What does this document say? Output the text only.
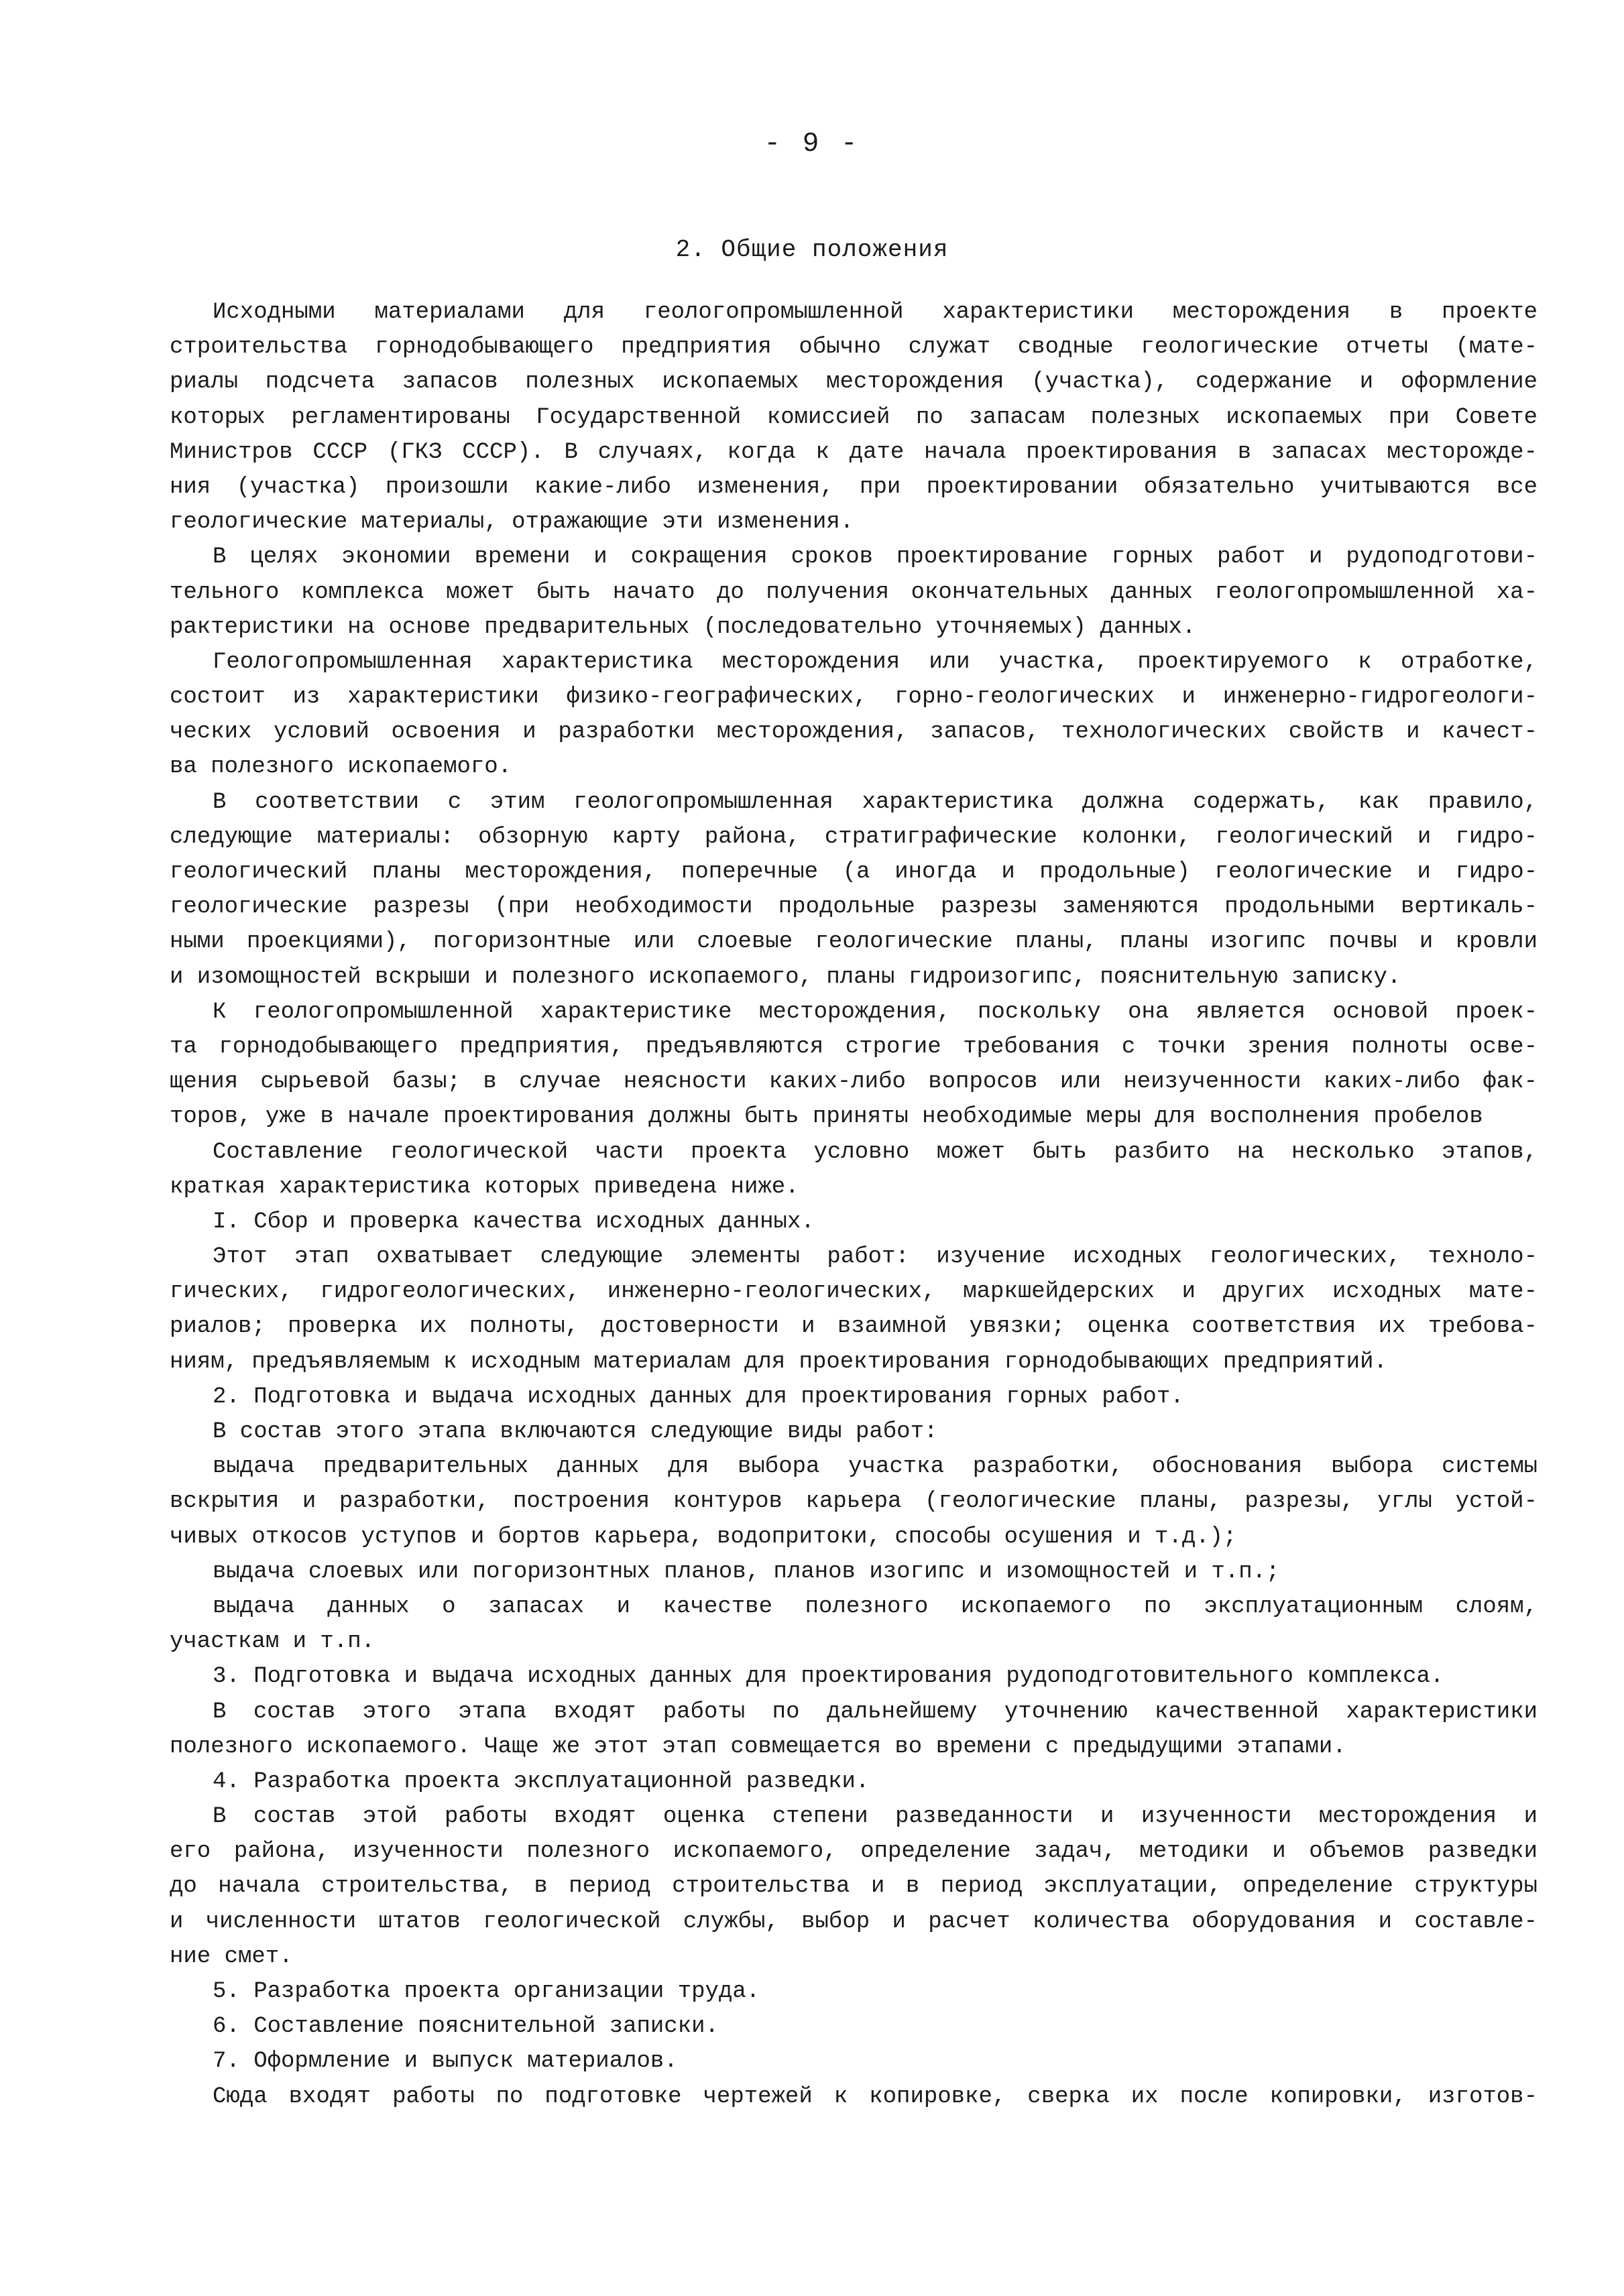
- 9 -
2. Общие положения
Исходными материалами для геологопромышленной характеристики месторождения в проекте
строительства горнодобывающего предприятия обычно служат сводные геологические отчеты (мате-
риалы подсчета запасов полезных ископаемых месторождения (участка), содержание и оформление
которых регламентированы Государственной комиссией по запасам полезных ископаемых при Совете
Министров СССР (ГКЗ СССР). В случаях, когда к дате начала проектирования в запасах месторожде-
ния (участка) произошли какие-либо изменения, при проектировании обязательно учитываются все
геологические материалы, отражающие эти изменения.
В целях экономии времени и сокращения сроков проектирование горных работ и рудоподготови-
тельного комплекса может быть начато до получения окончательных данных геологопромышленной ха-
рактеристики на основе предварительных (последовательно уточняемых) данных.
Геологопромышленная характеристика месторождения или участка, проектируемого к отработке,
состоит из характеристики физико-географических, горно-геологических и инженерно-гидрогеологи-
ческих условий освоения и разработки месторождения, запасов, технологических свойств и качест-
ва полезного ископаемого.
В соответствии с этим геологопромышленная характеристика должна содержать, как правило,
следующие материалы: обзорную карту района, стратиграфические колонки, геологический и гидро-
геологический планы месторождения, поперечные (а иногда и продольные) геологические и гидро-
геологические разрезы (при необходимости продольные разрезы заменяются продольными вертикаль-
ными проекциями), погоризонтные или слоевые геологические планы, планы изогипс почвы и кровли
и изомощностей вскрыши и полезного ископаемого, планы гидроизогипс, пояснительную записку.
К геологопромышленной характеристике месторождения, поскольку она является основой проек-
та горнодобывающего предприятия, предъявляются строгие требования с точки зрения полноты осве-
щения сырьевой базы; в случае неясности каких-либо вопросов или неизученности каких-либо фак-
торов, уже в начале проектирования должны быть приняты необходимые меры для восполнения пробелов
Составление геологической части проекта условно может быть разбито на несколько этапов,
краткая характеристика которых приведена ниже.
I. Сбор и проверка качества исходных данных.
Этот этап охватывает следующие элементы работ: изучение исходных геологических, техноло-
гических, гидрогеологических, инженерно-геологических, маркшейдерских и других исходных мате-
риалов; проверка их полноты, достоверности и взаимной увязки; оценка соответствия их требова-
ниям, предъявляемым к исходным материалам для проектирования горнодобывающих предприятий.
2. Подготовка и выдача исходных данных для проектирования горных работ.
В состав этого этапа включаются следующие виды работ:
выдача предварительных данных для выбора участка разработки, обоснования выбора системы
вскрытия и разработки, построения контуров карьера (геологические планы, разрезы, углы устой-
чивых откосов уступов и бортов карьера, водопритоки, способы осушения и т.д.);
выдача слоевых или погоризонтных планов, планов изогипс и изомощностей и т.п.;
выдача данных о запасах и качестве полезного ископаемого по эксплуатационным слоям,
участкам и т.п.
3. Подготовка и выдача исходных данных для проектирования рудоподготовительного комплекса.
В состав этого этапа входят работы по дальнейшему уточнению качественной характеристики
полезного ископаемого. Чаще же этот этап совмещается во времени с предыдущими этапами.
4. Разработка проекта эксплуатационной разведки.
В состав этой работы входят оценка степени разведанности и изученности месторождения и
его района, изученности полезного ископаемого, определение задач, методики и объемов разведки
до начала строительства, в период строительства и в период эксплуатации, определение структуры
и численности штатов геологической службы, выбор и расчет количества оборудования и составле-
ние смет.
5. Разработка проекта организации труда.
6. Составление пояснительной записки.
7. Оформление и выпуск материалов.
Сюда входят работы по подготовке чертежей к копировке, сверка их после копировки, изготов-
